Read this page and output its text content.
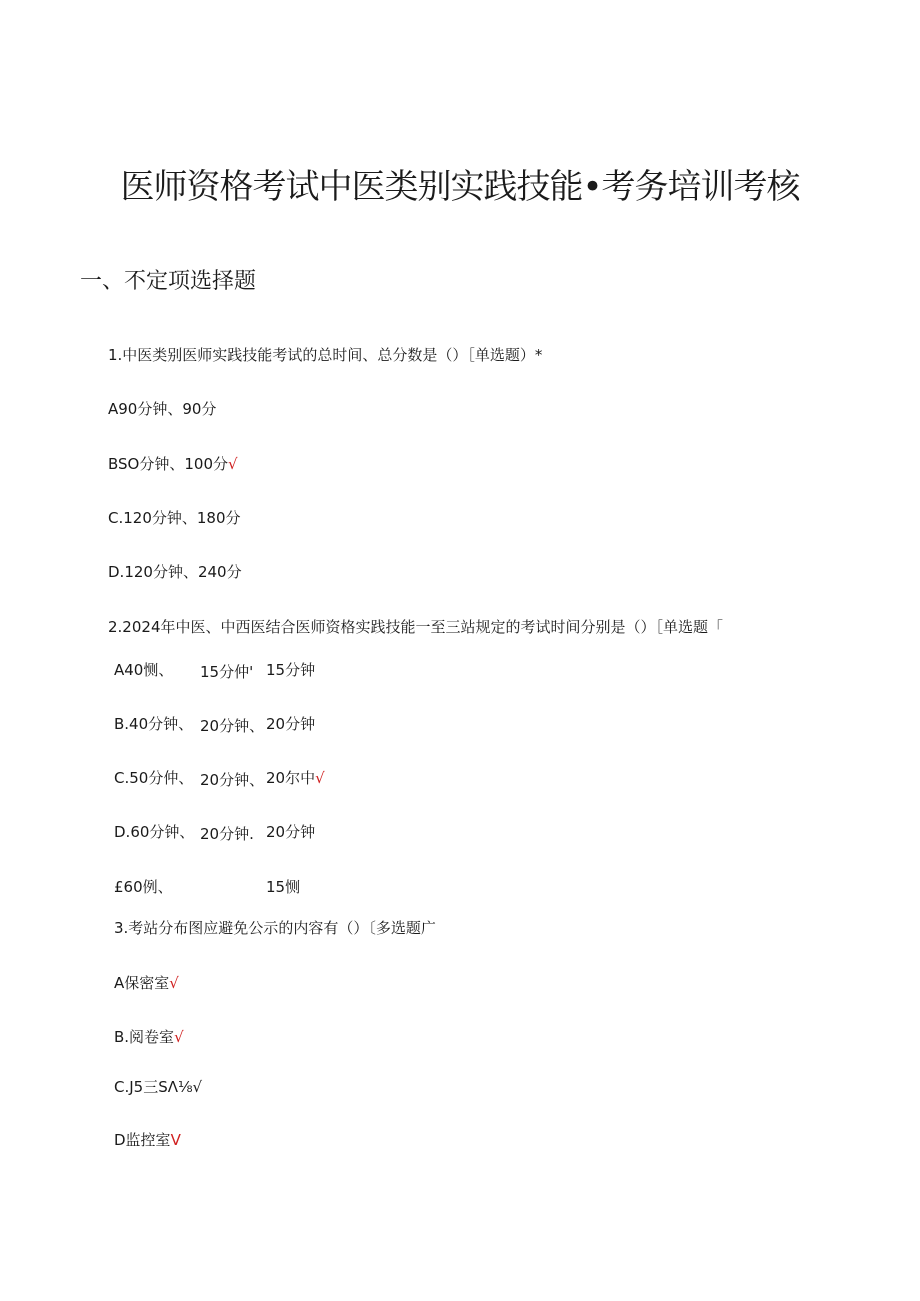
医师资格考试中医类别实践技能•考务培训考核
一、不定项选择题
1.中医类别医师实践技能考试的总时间、总分数是（）［单选题）*
A90分钟、90分
BSO分钟、100分√
C.120分钟、180分
D.120分钟、240分
2.2024年中医、中西医结合医师资格实践技能一至三站规定的考试时间分别是（）［单选题「
A40恻、 15分仲' 15分钟
B.40分钟、 20分钟、 20分钟
C.50分仲、 20分钟、 20尔中√
D.60分钟、 20分钟. 20分钟
£60例、	15恻
3.考站分布图应避免公示的内容有（）〔多选题广
A保密室√
B.阅卷室√
C.J5三SΛ⅛√
D监控室V
